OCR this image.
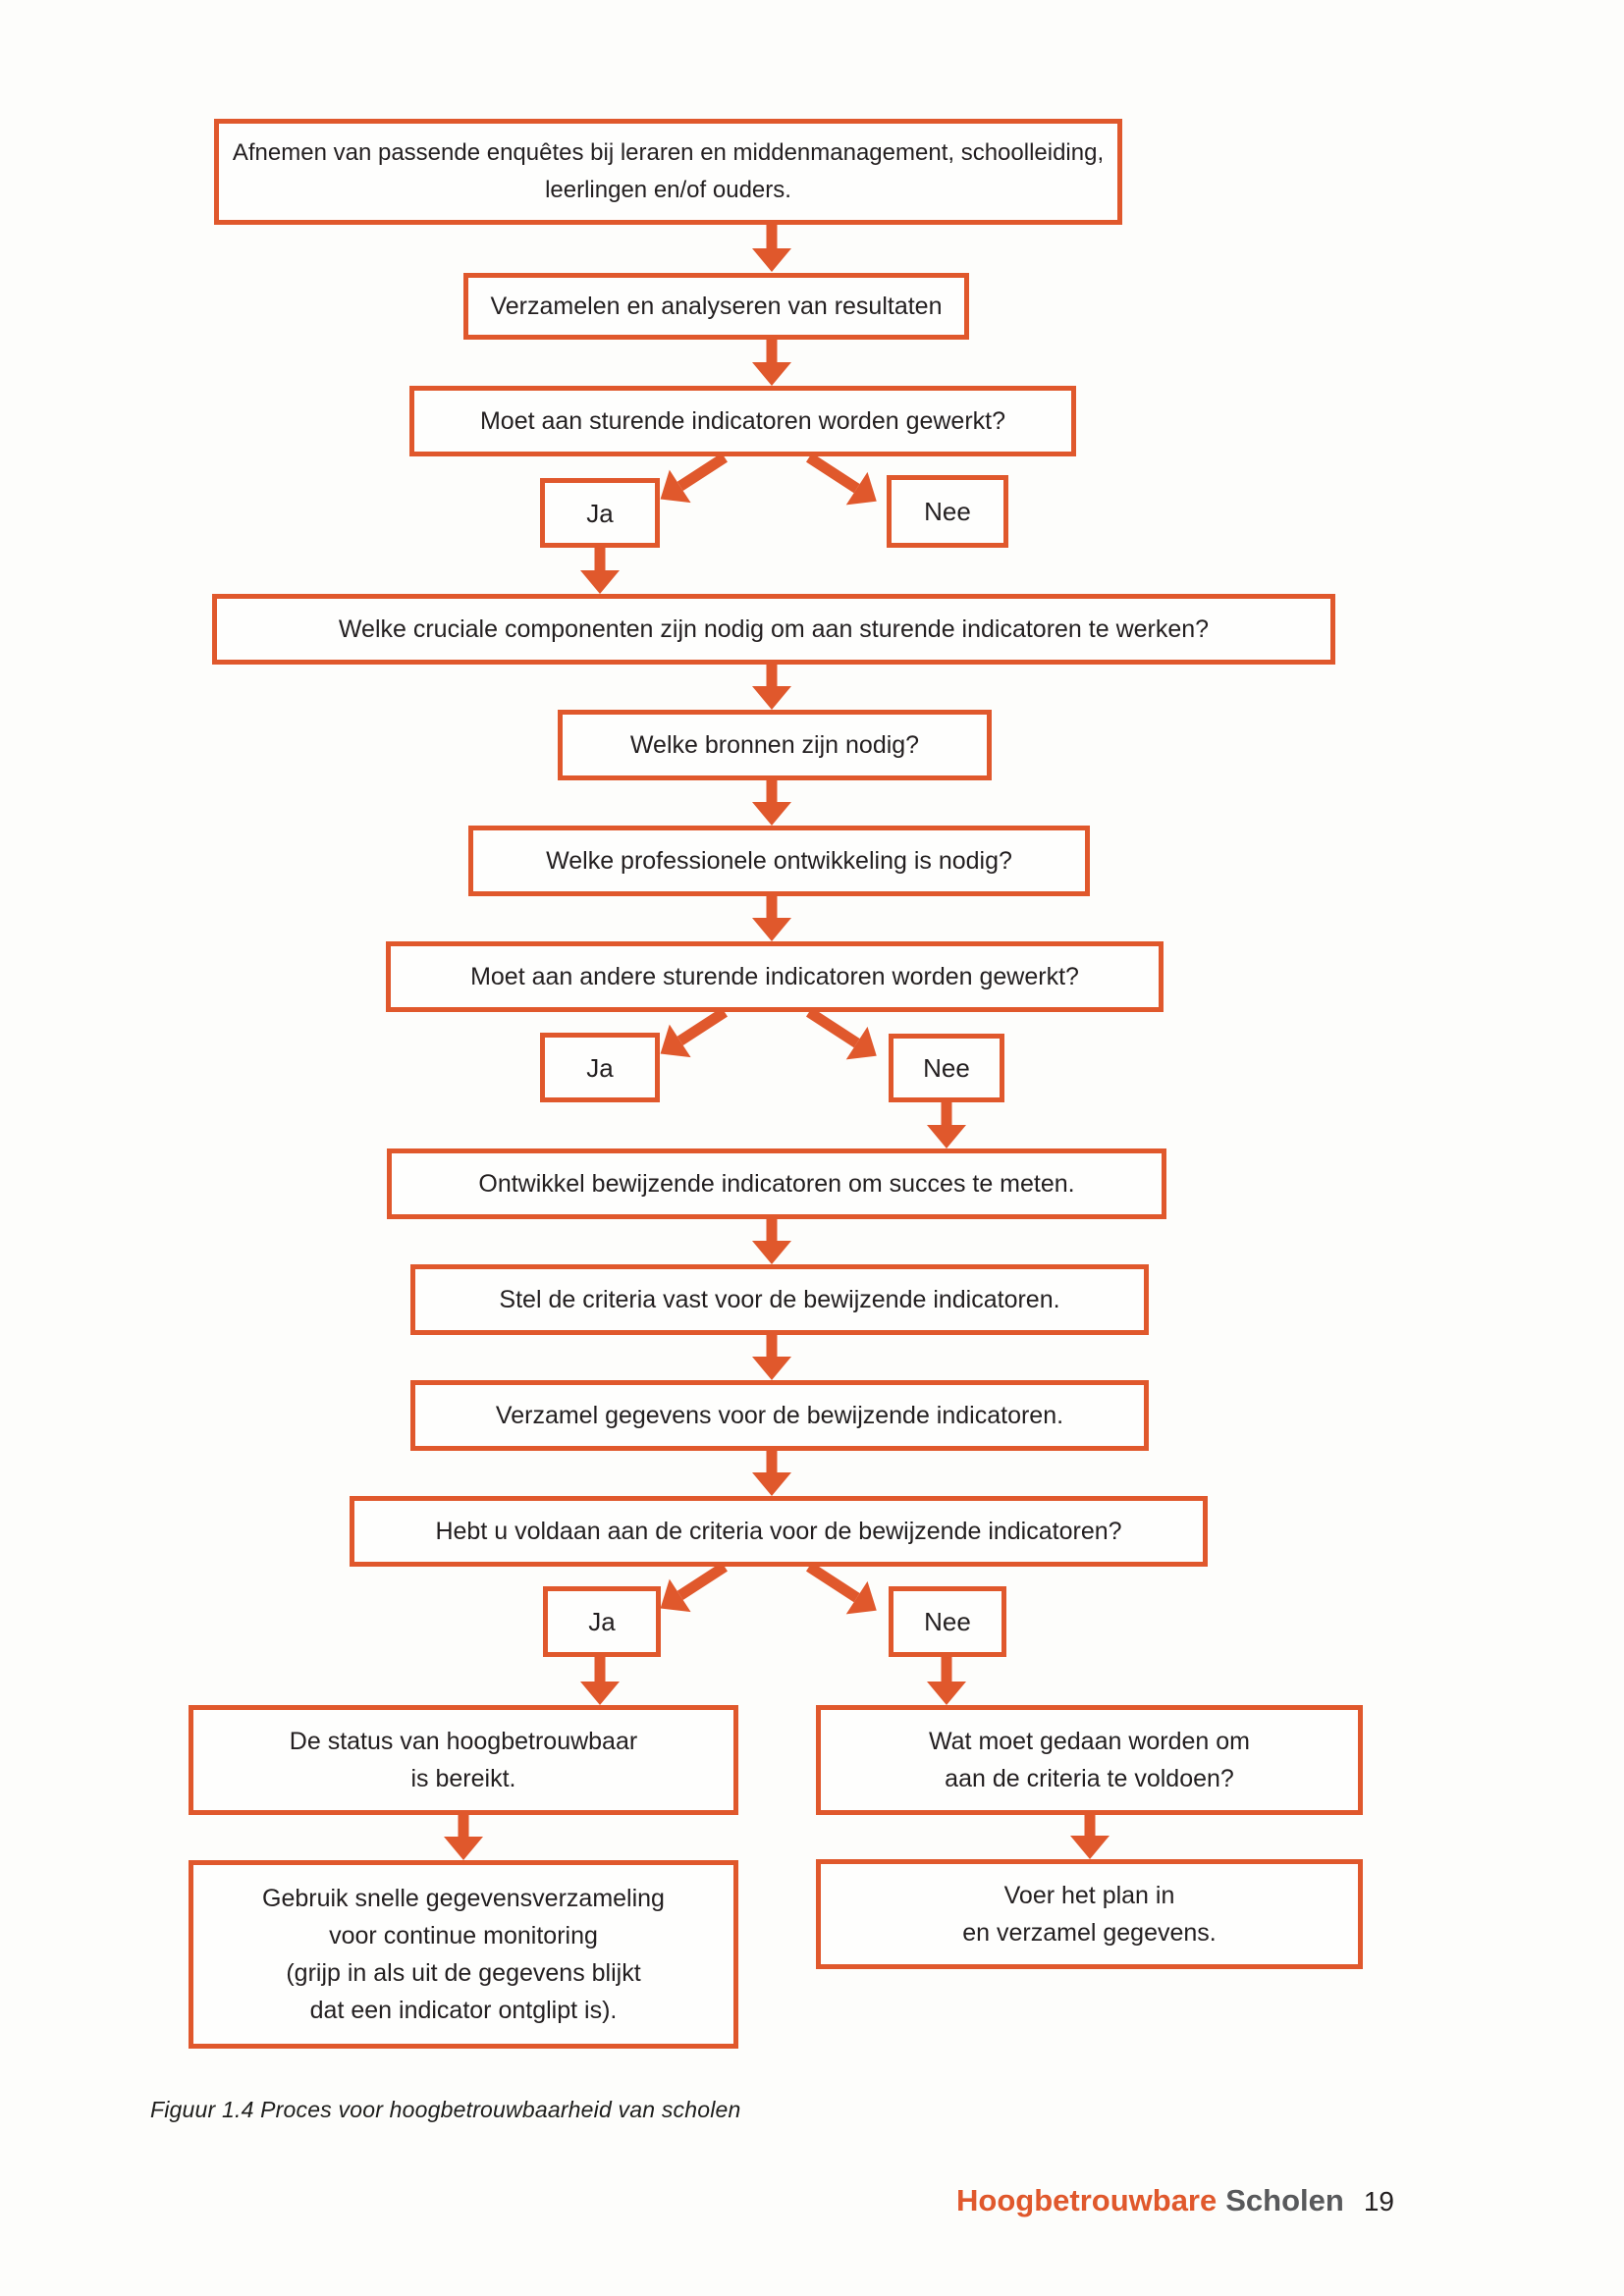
Afnemen van passende enquêtes bij leraren en middenmanagement, schoolleiding,
leerlingen en/of ouders.
Verzamelen en analyseren van resultaten
Moet aan sturende indicatoren worden gewerkt?
Ja	Nee
Welke cruciale componenten zijn nodig om aan sturende indicatoren te werken?
Welke bronnen zijn nodig?
Welke professionele ontwikkeling is nodig?
Moet aan andere sturende indicatoren worden gewerkt?
Ja	Nee
Ontwikkel bewijzende indicatoren om succes te meten.
Stel de criteria vast voor de bewijzende indicatoren.
Verzamel gegevens voor de bewijzende indicatoren.
Hebt u voldaan aan de criteria voor de bewijzende indicatoren?
Ja	Nee
De status van hoogbetrouwbaar
is bereikt.
Wat moet gedaan worden om
aan de criteria te voldoen?
Gebruik snelle gegevensverzameling
voor continue monitoring
(grijp in als uit de gegevens blijkt
dat een indicator ontglipt is).
Voer het plan in
en verzamel gegevens.
Figuur 1.4 Proces voor hoogbetrouwbaarheid van scholen
Hoogbetrouwbare Scholen 19
